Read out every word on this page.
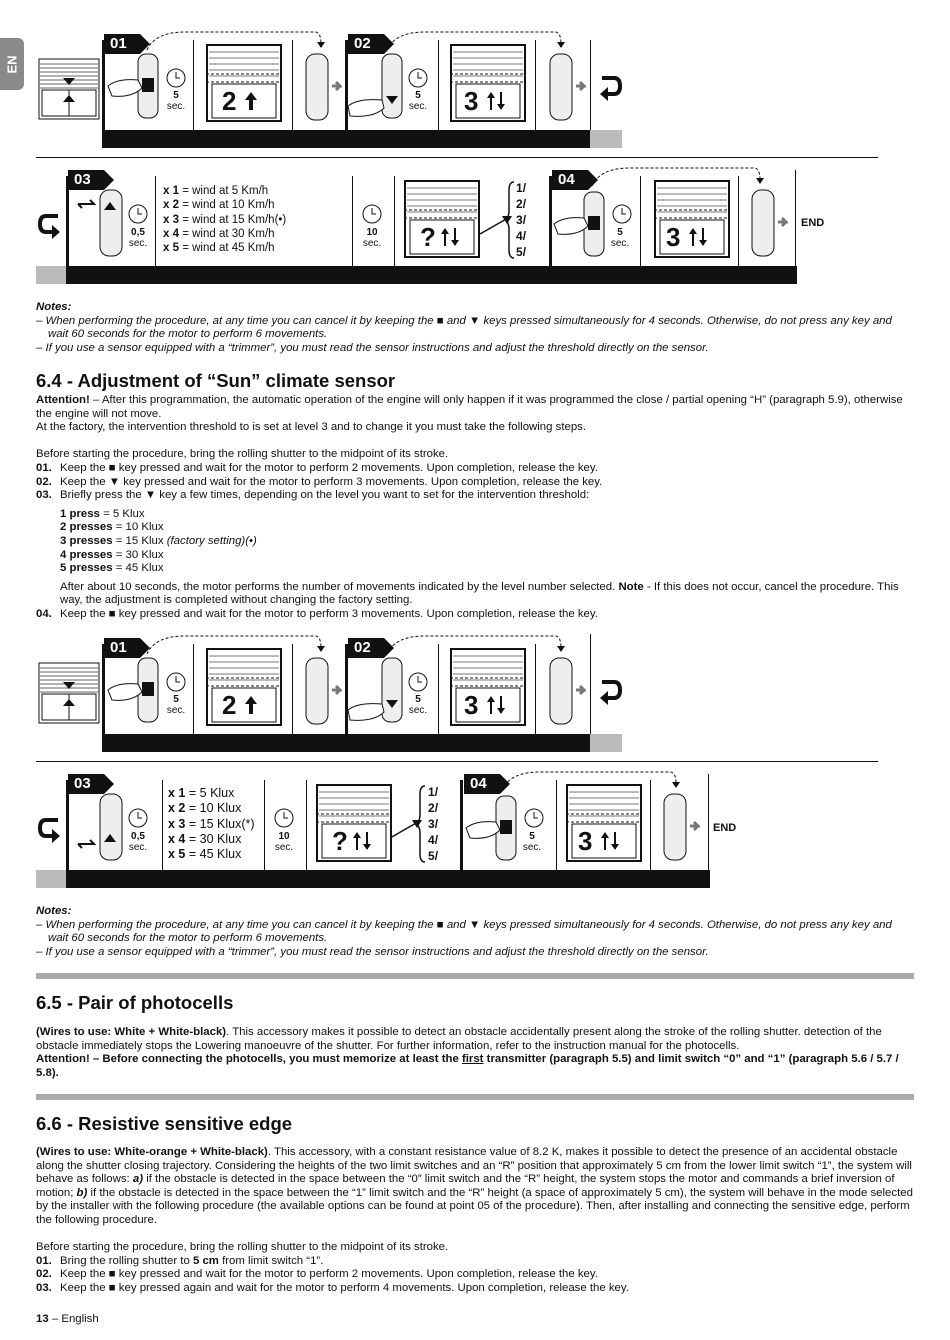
EN
01	02
5
sec. 2	5
sec. 3
03	04
0,5
sec.
x 1 = wind at 5 Km/h
x 2 = wind at 10 Km/h
x 3 = wind at 15 Km/h(•)
x 4 = wind at 30 Km/h
x 5 = wind at 45 Km/h
10
sec. ?
1/
2/
3/
4/
5/
5
sec. 3	END
Notes:
– When performing the procedure, at any time you can cancel it by keeping the ■ and ▼ keys pressed simultaneously for 4 seconds. Otherwise, do not press any key and wait 60 seconds for the motor to perform 6 movements.
– If you use a sensor equipped with a “trimmer”, you must read the sensor instructions and adjust the threshold directly on the sensor.
6.4 - Adjustment of “Sun” climate sensor
Attention! – After this programmation, the automatic operation of the engine will only happen if it was programmed the close / partial opening “H” (paragraph 5.9), otherwise the engine will not move.
At the factory, the intervention threshold to is set at level 3 and to change it you must take the following steps.
Before starting the procedure, bring the rolling shutter to the midpoint of its stroke.
01. Keep the ■ key pressed and wait for the motor to perform 2 movements. Upon completion, release the key.
02. Keep the ▼ key pressed and wait for the motor to perform 3 movements. Upon completion, release the key.
03. Briefly press the ▼ key a few times, depending on the level you want to set for the intervention threshold:
1 press = 5 Klux
2 presses = 10 Klux
3 presses = 15 Klux (factory setting)(•)
4 presses = 30 Klux
5 presses = 45 Klux
After about 10 seconds, the motor performs the number of movements indicated by the level number selected. Note - If this does not occur, cancel the procedure. This way, the adjustment is completed without changing the factory setting.
04. Keep the ■ key pressed and wait for the motor to perform 3 movements. Upon completion, release the key.
01	02
5
sec. 2	5
sec. 3
03	04
0,5
sec.
x 1 = 5 Klux
x 2 = 10 Klux
x 3 = 15 Klux(*)
x 4 = 30 Klux
x 5 = 45 Klux
10
sec. ?
1/
2/
3/
4/
5/
5
sec. 3	END
Notes:
– When performing the procedure, at any time you can cancel it by keeping the ■ and ▼ keys pressed simultaneously for 4 seconds. Otherwise, do not press any key and wait 60 seconds for the motor to perform 6 movements.
– If you use a sensor equipped with a “trimmer”, you must read the sensor instructions and adjust the threshold directly on the sensor.
6.5 - Pair of photocells
(Wires to use: White + White-black). This accessory makes it possible to detect an obstacle accidentally present along the stroke of the rolling shutter. detection of the obstacle immediately stops the Lowering manoeuvre of the shutter. For further information, refer to the instruction manual for the photocells.
Attention! – Before connecting the photocells, you must memorize at least the first transmitter (paragraph 5.5) and limit switch “0” and “1” (paragraph 5.6 / 5.7 / 5.8).
6.6 - Resistive sensitive edge
(Wires to use: White-orange + White-black). This accessory, with a constant resistance value of 8.2 K, makes it possible to detect the presence of an accidental obstacle along the shutter closing trajectory. Considering the heights of the two limit switches and an “R” position that approximately 5 cm from the lower limit switch “1”, the system will behave as follows: a) if the obstacle is detected in the space between the “0” limit switch and the “R” height, the system stops the motor and commands a brief inversion of motion; b) if the obstacle is detected in the space between the “1” limit switch and the “R” height (a space of approximately 5 cm), the system will behave in the mode selected by the installer with the following procedure (the available options can be found at point 05 of the procedure). Then, after installing and connecting the sensitive edge, perform the following procedure.
Before starting the procedure, bring the rolling shutter to the midpoint of its stroke.
01. Bring the rolling shutter to 5 cm from limit switch “1”.
02. Keep the ■ key pressed and wait for the motor to perform 2 movements. Upon completion, release the key.
03. Keep the ■ key pressed again and wait for the motor to perform 4 movements. Upon completion, release the key.
13 – English
